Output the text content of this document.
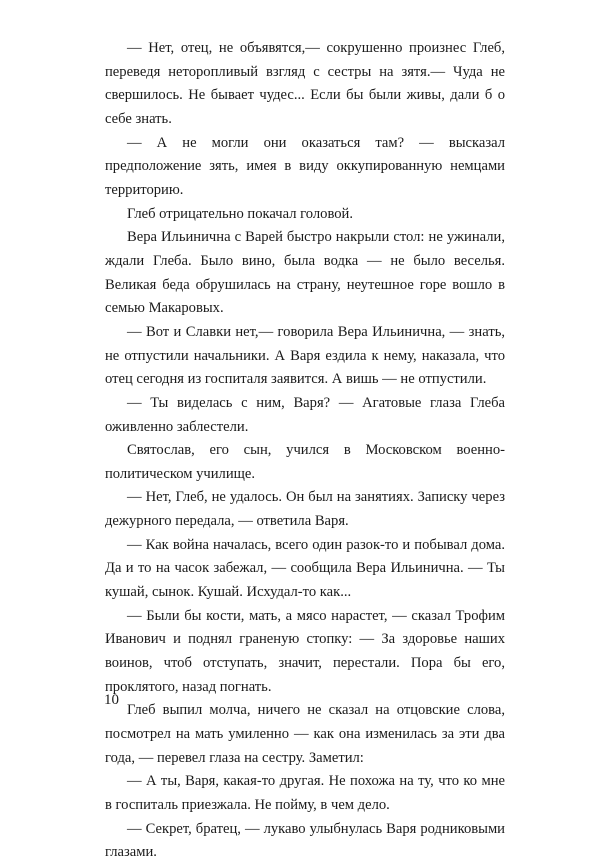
— Нет, отец, не объявятся,— сокрушенно произнес Глеб, переведя неторопливый взгляд с сестры на зятя.— Чуда не свершилось. Не бывает чудес... Если бы были живы, дали б о себе знать.

— А не могли они оказаться там? — высказал предположение зять, имея в виду оккупированную немцами территорию.

Глеб отрицательно покачал головой.

Вера Ильинична с Варей быстро накрыли стол: не ужинали, ждали Глеба. Было вино, была водка — не было веселья. Великая беда обрушилась на страну, неутешное горе вошло в семью Макаровых.

— Вот и Славки нет,— говорила Вера Ильинична, — знать, не отпустили начальники. А Варя ездила к нему, наказала, что отец сегодня из госпиталя заявится. А вишь — не отпустили.

— Ты виделась с ним, Варя? — Агатовые глаза Глеба оживленно заблестели.

Святослав, его сын, учился в Московском военно-политическом училище.

— Нет, Глеб, не удалось. Он был на занятиях. Записку через дежурного передала, — ответила Варя.

— Как война началась, всего один разок-то и побывал дома. Да и то на часок забежал, — сообщила Вера Ильинична. — Ты кушай, сынок. Кушай. Исхудал-то как...

— Были бы кости, мать, а мясо нарастет, — сказал Трофим Иванович и поднял граненую стопку: — За здоровье наших воинов, чтоб отступать, значит, перестали. Пора бы его, проклятого, назад погнать.

Глеб выпил молча, ничего не сказал на отцовские слова, посмотрел на мать умиленно — как она изменилась за эти два года, — перевел глаза на сестру. Заметил:

— А ты, Варя, какая-то другая. Не похожа на ту, что ко мне в госпиталь приезжала. Не пойму, в чем дело.

— Секрет, братец, — лукаво улыбнулась Варя родниковыми глазами.

10
